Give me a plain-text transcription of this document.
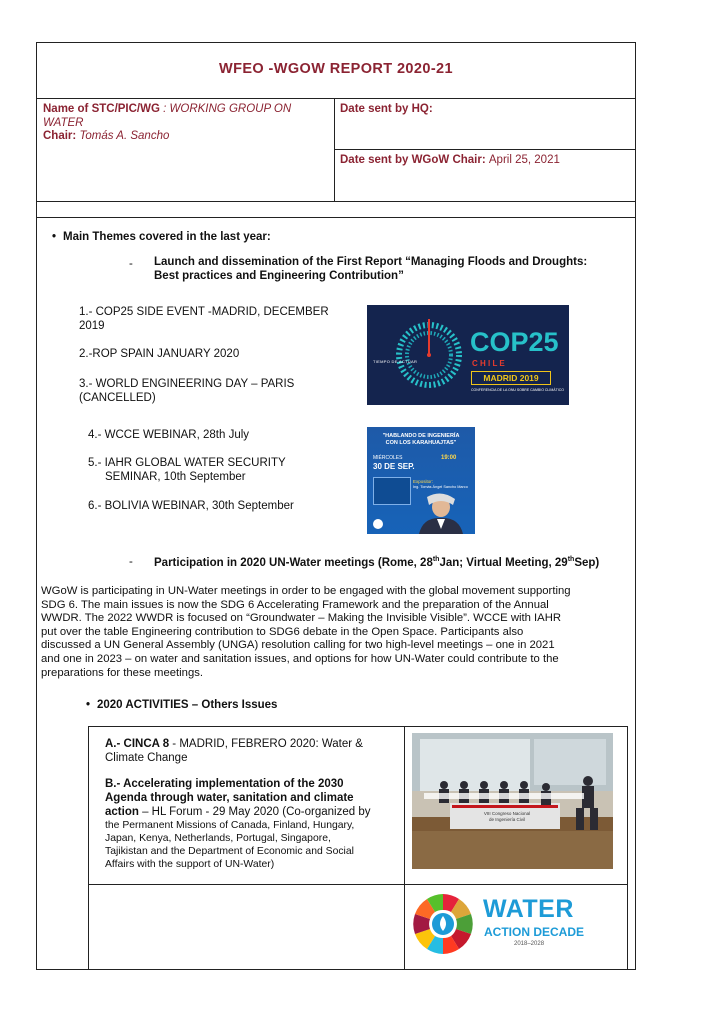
WFEO -WGOW REPORT 2020-21
Name of STC/PIC/WG : WORKING GROUP ON
WATER
Chair: Tomás A. Sancho
Date sent by HQ:
Date sent by WGoW Chair: April 25, 2021
• Main Themes covered in the last year:
- Launch and dissemination of the First Report “Managing Floods and Droughts:
Best practices and Engineering Contribution”
1.- COP25 SIDE EVENT -MADRID, DECEMBER
2019
2.-ROP SPAIN JANUARY 2020
3.- WORLD ENGINEERING DAY – PARIS
(CANCELLED)
4.- WCCE WEBINAR, 28th July
5.- IAHR GLOBAL WATER SECURITY
SEMINAR, 10th September
6.- BOLIVIA WEBINAR, 30th September
TIEMPO DE ACTUAR
COP25
C H I L E
MADRID 2019
CONFERENCIA DE LA ONU SOBRE CAMBIO CLIMÁTICO
"HABLANDO DE INGENIERÍA
CON LOS KARAHUAJTAS"
MIÉRCOLES
30 DE SEP.
19:00
Expositor:
Ing. Tomás Ángel Sancho Marco
- Participation in 2020 UN-Water meetings (Rome, 28thJan; Virtual Meeting, 29thSep)
WGoW is participating in UN-Water meetings in order to be engaged with the global movement supporting
SDG 6. The main issues is now the SDG 6 Accelerating Framework and the preparation of the Annual
WWDR. The 2022 WWDR is focused on “Groundwater – Making the Invisible Visible”. WCCE with IAHR
put over the table Engineering contribution to SDG6 debate in the Open Space. Participants also
discussed a UN General Assembly (UNGA) resolution calling for two high-level meetings – one in 2021
and one in 2023 – on water and sanitation issues, and options for how UN-Water could contribute to the
preparations for these meetings.
• 2020 ACTIVITIES – Others Issues
A.- CINCA 8 - MADRID, FEBRERO 2020: Water &
Climate Change
B.- Accelerating implementation of the 2030
Agenda through water, sanitation and climate
action – HL Forum - 29 May 2020 (Co-organized by
the Permanent Missions of Canada, Finland, Hungary,
Japan, Kenya, Netherlands, Portugal, Singapore,
Tajikistan and the Department of Economic and Social
Affairs with the support of UN-Water)
VIII Congreso Nacional
de Ingeniería Civil
WATER
ACTION DECADE
2018–2028
